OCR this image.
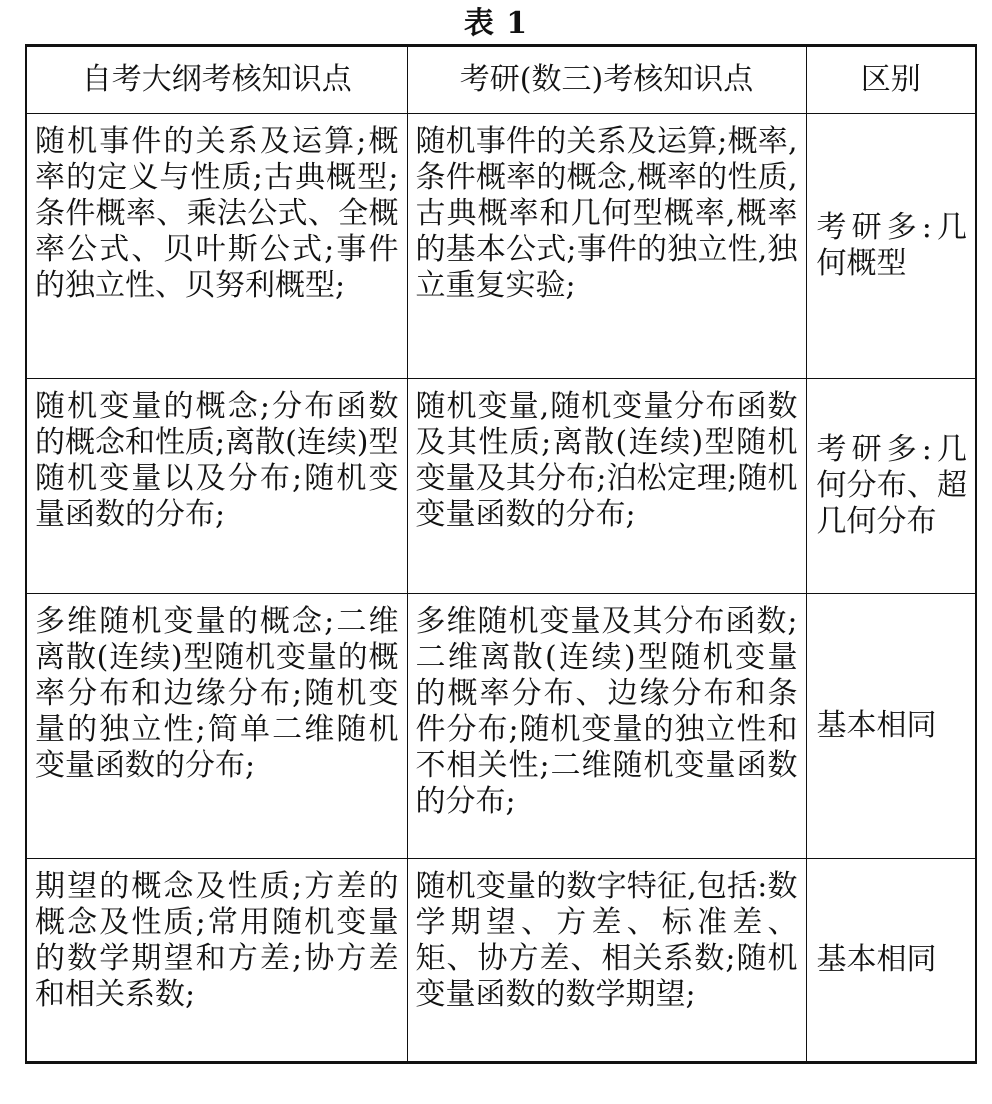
表 1
自考大纲考核知识点	考研(数三)考核知识点	区别
随机事件的关系及运算;概率的定义与性质;古典概型;条件概率、乘法公式、全概率公式、贝叶斯公式;事件的独立性、贝努利概型;	随机事件的关系及运算;概率,条件概率的概念,概率的性质,古典概率和几何型概率,概率的基本公式;事件的独立性,独立重复实验;	考研多:几何概型
随机变量的概念;分布函数的概念和性质;离散(连续)型随机变量以及分布;随机变量函数的分布;	随机变量,随机变量分布函数及其性质;离散(连续)型随机变量及其分布;泊松定理;随机变量函数的分布;	考研多:几何分布、超几何分布
多维随机变量的概念;二维离散(连续)型随机变量的概率分布和边缘分布;随机变量的独立性;简单二维随机变量函数的分布;	多维随机变量及其分布函数;二维离散(连续)型随机变量的概率分布、边缘分布和条件分布;随机变量的独立性和不相关性;二维随机变量函数的分布;	基本相同
期望的概念及性质;方差的概念及性质;常用随机变量的数学期望和方差;协方差和相关系数;	随机变量的数字特征,包括:数学期望、方差、标准差、矩、协方差、相关系数;随机变量函数的数学期望;	基本相同
